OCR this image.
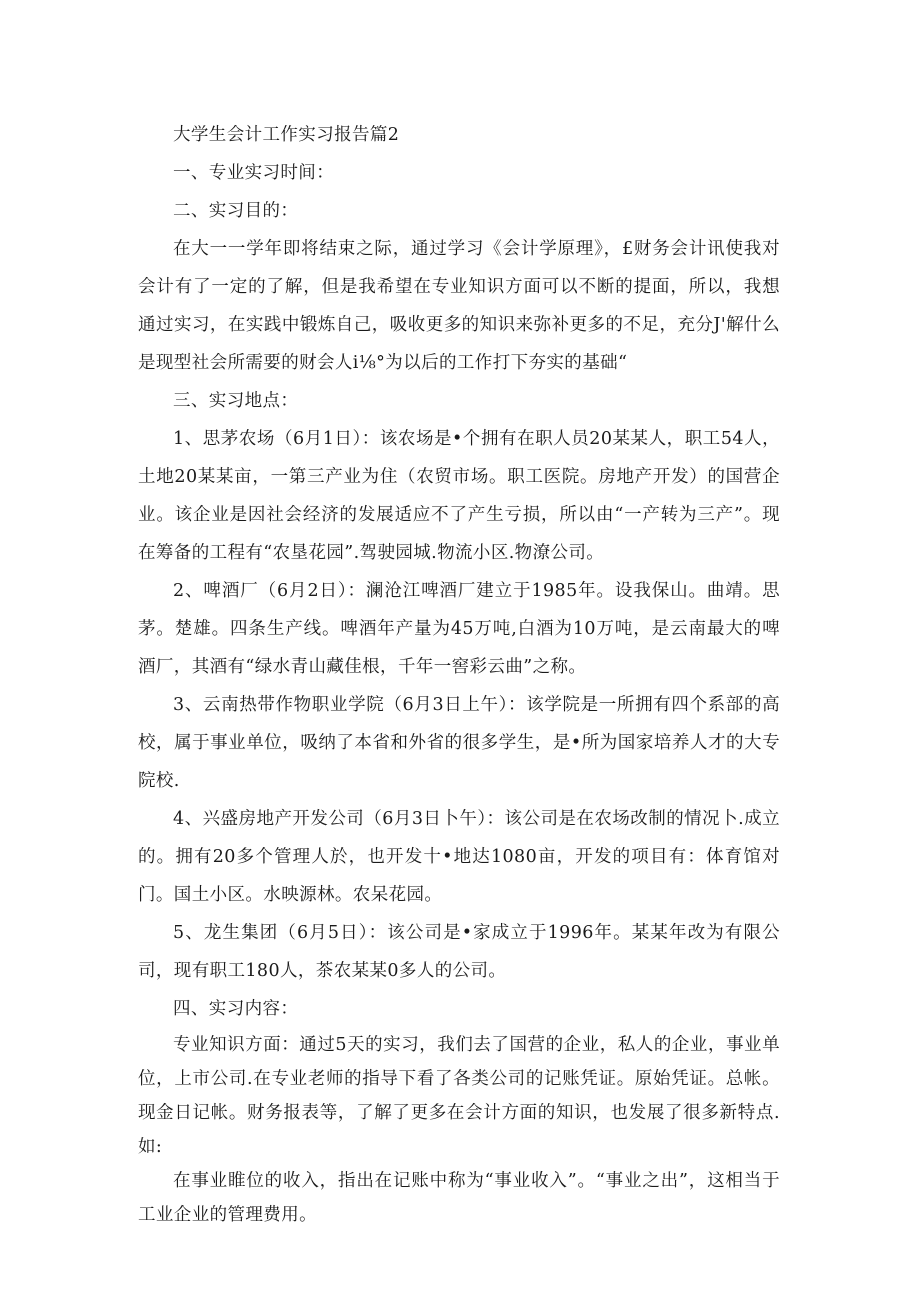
大学生会计工作实习报告篇2

一、专业实习时间：

二、实习目的：

在大一一学年即将结束之际，通过学习《会计学原理》，£财务会计讯使我对会计有了一定的了解，但是我希望在专业知识方面可以不断的提面，所以，我想通过实习，在实践中锻炼自己，吸收更多的知识来弥补更多的不足，充分J'解什么是现型社会所需要的财会人i⅛°为以后的工作打下夯实的基础“

三、实习地点：

1、思茅农场（6月1日）：该农场是•个拥有在职人员20某某人，职工54人，土地20某某亩，一第三产业为住（农贸市场。职工医院。房地产开发）的国营企业。该企业是因社会经济的发展适应不了产生亏损，所以由“一产转为三产”。现在筹备的工程有“农垦花园”.驾驶园城.物流小区.物潦公司。

2、啤酒厂（6月2日）：澜沧江啤酒厂建立于1985年。设我保山。曲靖。思茅。楚雄。四条生产线。啤酒年产量为45万吨,白酒为10万吨，是云南最大的啤酒厂，其酒有“绿水青山藏佳根，千年一窖彩云曲”之称。

3、云南热带作物职业学院（6月3日上午）：该学院是一所拥有四个系部的高校，属于事业单位，吸纳了本省和外省的很多学生，是•所为国家培养人才的大专院校.

4、兴盛房地产开发公司（6月3日卜午）：该公司是在农场改制的情况卜.成立的。拥有20多个管理人於，也开发十•地达1080亩，开发的项目有：体育馆对门。国土小区。水映源林。农呆花园。

5、龙生集团（6月5日）：该公司是•家成立于1996年。某某年改为有限公司，现有职工180人，茶农某某0多人的公司。

四、实习内容：

专业知识方面：通过5天的实习，我们去了国营的企业，私人的企业，事业单位，上市公司.在专业老师的指导下看了各类公司的记账凭证。原始凭证。总帐。现金日记帐。财务报表等，了解了更多在会计方面的知识，也发展了很多新特点.如:

在事业睢位的收入，指出在记账中称为“事业收入”。“事业之出”，这相当于工业企业的管理费用。
